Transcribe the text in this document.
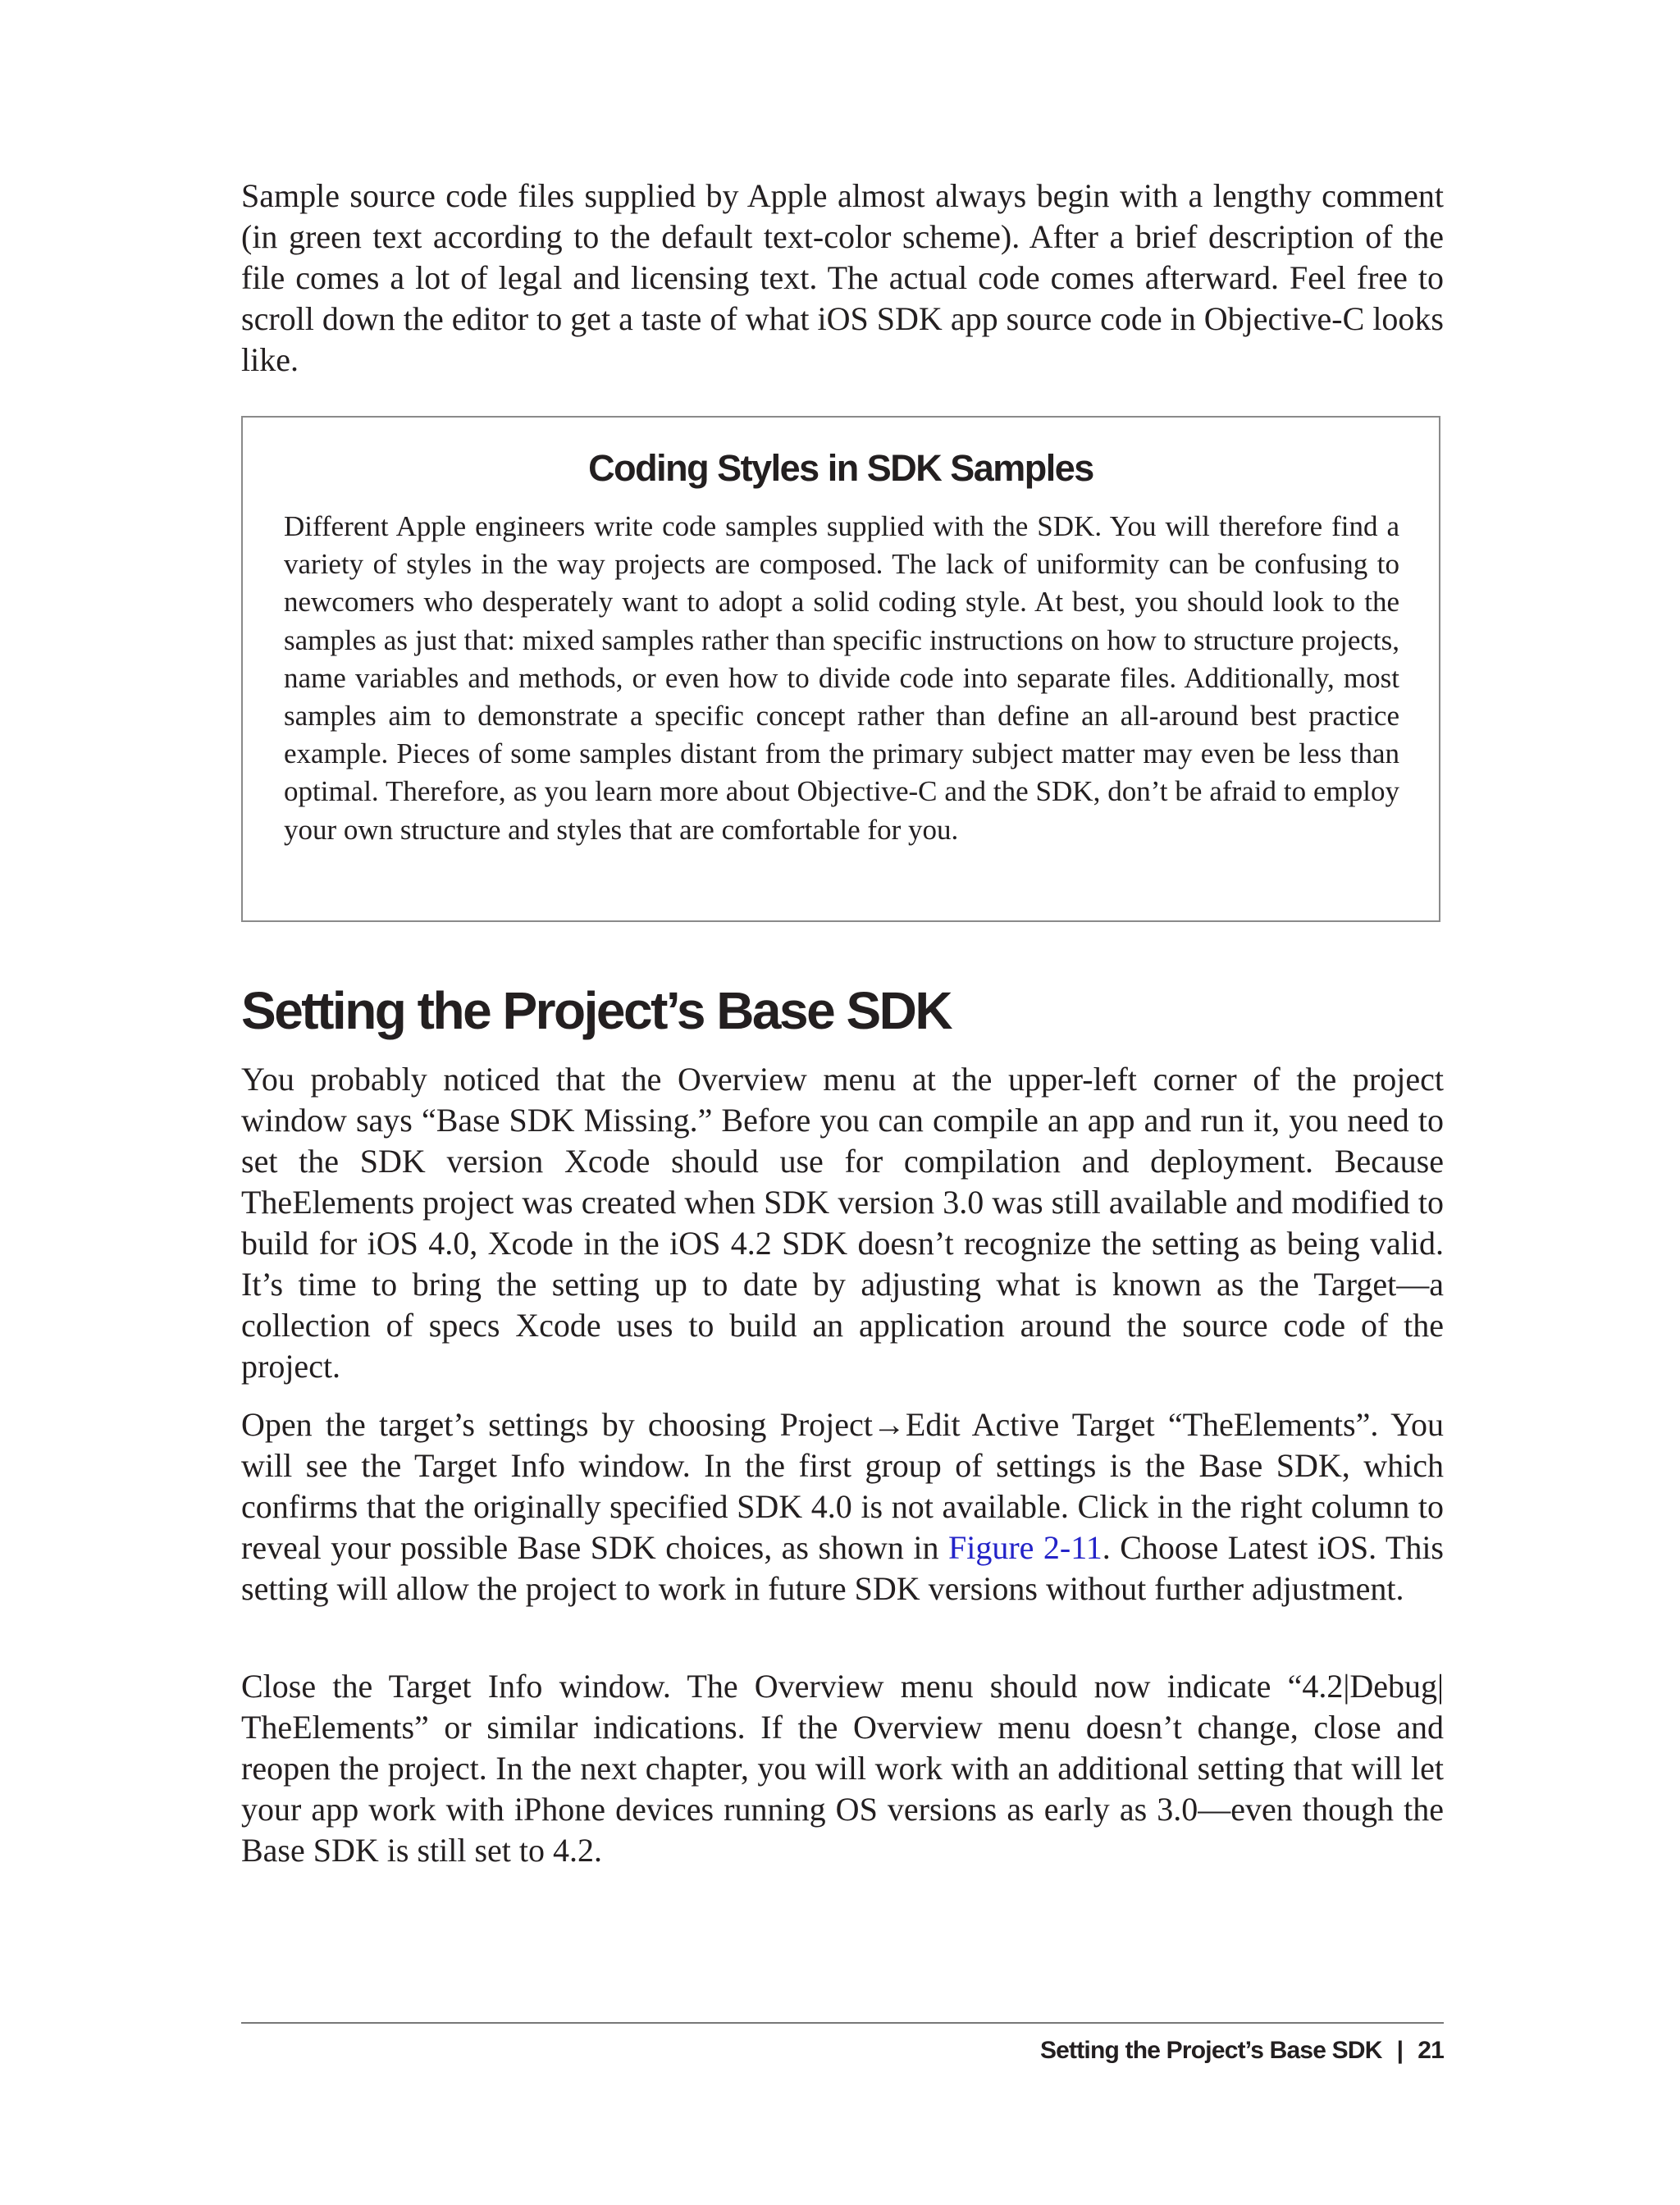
Sample source code files supplied by Apple almost always begin with a lengthy comment (in green text according to the default text-color scheme). After a brief description of the file comes a lot of legal and licensing text. The actual code comes afterward. Feel free to scroll down the editor to get a taste of what iOS SDK app source code in Objective-C looks like.

Coding Styles in SDK Samples

Different Apple engineers write code samples supplied with the SDK. You will therefore find a variety of styles in the way projects are composed. The lack of uniformity can be confusing to newcomers who desperately want to adopt a solid coding style. At best, you should look to the samples as just that: mixed samples rather than specific instructions on how to structure projects, name variables and methods, or even how to divide code into separate files. Additionally, most samples aim to demonstrate a specific concept rather than define an all-around best practice example. Pieces of some samples distant from the primary subject matter may even be less than optimal. Therefore, as you learn more about Objective-C and the SDK, don’t be afraid to employ your own structure and styles that are comfortable for you.

Setting the Project’s Base SDK

You probably noticed that the Overview menu at the upper-left corner of the project window says “Base SDK Missing.” Before you can compile an app and run it, you need to set the SDK version Xcode should use for compilation and deployment. Because TheElements project was created when SDK version 3.0 was still available and modified to build for iOS 4.0, Xcode in the iOS 4.2 SDK doesn’t recognize the setting as being valid. It’s time to bring the setting up to date by adjusting what is known as the Target—a collection of specs Xcode uses to build an application around the source code of the project.

Open the target’s settings by choosing Project→Edit Active Target “TheElements”. You will see the Target Info window. In the first group of settings is the Base SDK, which confirms that the originally specified SDK 4.0 is not available. Click in the right column to reveal your possible Base SDK choices, as shown in Figure 2-11. Choose Latest iOS. This setting will allow the project to work in future SDK versions without further adjustment.

Close the Target Info window. The Overview menu should now indicate “4.2|Debug| TheElements” or similar indications. If the Overview menu doesn’t change, close and reopen the project. In the next chapter, you will work with an additional setting that will let your app work with iPhone devices running OS versions as early as 3.0—even though the Base SDK is still set to 4.2.

Setting the Project’s Base SDK | 21
